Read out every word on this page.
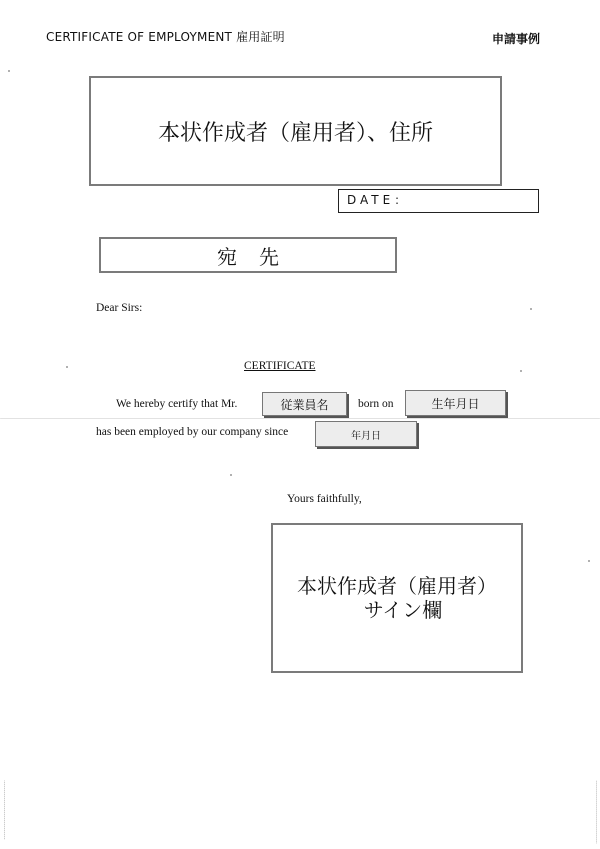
CERTIFICATE OF EMPLOYMENT 雇用証明	申請事例
本状作成者（雇用者）、住所
DATE：
宛先
Dear Sirs:
CERTIFICATE
We hereby certify that Mr.	従業員名	born on	生年月日
has been employed by our company since	年月日
Yours faithfully,
本状作成者（雇用者）
サイン欄
